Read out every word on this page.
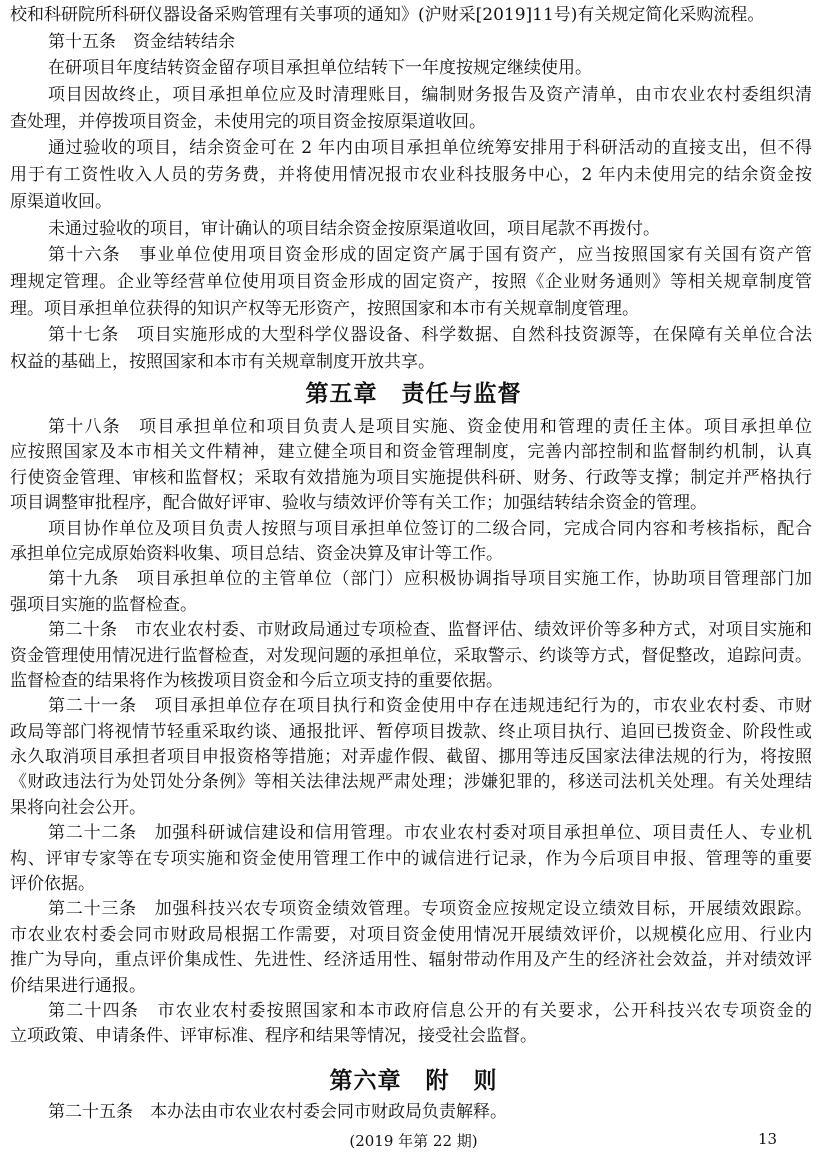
校和科研院所科研仪器设备采购管理有关事项的通知》(沪财采[2019]11号)有关规定简化采购流程。
第十五条　资金结转结余
在研项目年度结转资金留存项目承担单位结转下一年度按规定继续使用。
项目因故终止，项目承担单位应及时清理账目，编制财务报告及资产清单，由市农业农村委组织清
查处理，并停拨项目资金，未使用完的项目资金按原渠道收回。
通过验收的项目，结余资金可在 2 年内由项目承担单位统筹安排用于科研活动的直接支出，但不得
用于有工资性收入人员的劳务费，并将使用情况报市农业科技服务中心，2 年内未使用完的结余资金按
原渠道收回。
未通过验收的项目，审计确认的项目结余资金按原渠道收回，项目尾款不再拨付。
第十六条　事业单位使用项目资金形成的固定资产属于国有资产，应当按照国家有关国有资产管
理规定管理。企业等经营单位使用项目资金形成的固定资产，按照《企业财务通则》等相关规章制度管
理。项目承担单位获得的知识产权等无形资产，按照国家和本市有关规章制度管理。
第十七条　项目实施形成的大型科学仪器设备、科学数据、自然科技资源等，在保障有关单位合法
权益的基础上，按照国家和本市有关规章制度开放共享。
第五章　责任与监督
第十八条　项目承担单位和项目负责人是项目实施、资金使用和管理的责任主体。项目承担单位
应按照国家及本市相关文件精神，建立健全项目和资金管理制度，完善内部控制和监督制约机制，认真
行使资金管理、审核和监督权；采取有效措施为项目实施提供科研、财务、行政等支撑；制定并严格执行
项目调整审批程序，配合做好评审、验收与绩效评价等有关工作；加强结转结余资金的管理。
项目协作单位及项目负责人按照与项目承担单位签订的二级合同，完成合同内容和考核指标，配合
承担单位完成原始资料收集、项目总结、资金决算及审计等工作。
第十九条　项目承担单位的主管单位（部门）应积极协调指导项目实施工作，协助项目管理部门加
强项目实施的监督检查。
第二十条　市农业农村委、市财政局通过专项检查、监督评估、绩效评价等多种方式，对项目实施和
资金管理使用情况进行监督检查，对发现问题的承担单位，采取警示、约谈等方式，督促整改，追踪问责。
监督检查的结果将作为核拨项目资金和今后立项支持的重要依据。
第二十一条　项目承担单位存在项目执行和资金使用中存在违规违纪行为的，市农业农村委、市财
政局等部门将视情节轻重采取约谈、通报批评、暂停项目拨款、终止项目执行、追回已拨资金、阶段性或
永久取消项目承担者项目申报资格等措施；对弄虚作假、截留、挪用等违反国家法律法规的行为，将按照
《财政违法行为处罚处分条例》等相关法律法规严肃处理；涉嫌犯罪的，移送司法机关处理。有关处理结
果将向社会公开。
第二十二条　加强科研诚信建设和信用管理。市农业农村委对项目承担单位、项目责任人、专业机
构、评审专家等在专项实施和资金使用管理工作中的诚信进行记录，作为今后项目申报、管理等的重要
评价依据。
第二十三条　加强科技兴农专项资金绩效管理。专项资金应按规定设立绩效目标，开展绩效跟踪。
市农业农村委会同市财政局根据工作需要，对项目资金使用情况开展绩效评价，以规模化应用、行业内
推广为导向，重点评价集成性、先进性、经济适用性、辐射带动作用及产生的经济社会效益，并对绩效评
价结果进行通报。
第二十四条　市农业农村委按照国家和本市政府信息公开的有关要求，公开科技兴农专项资金的
立项政策、申请条件、评审标准、程序和结果等情况，接受社会监督。
第六章　附　则
第二十五条　本办法由市农业农村委会同市财政局负责解释。
(2019 年第 22 期)	13
